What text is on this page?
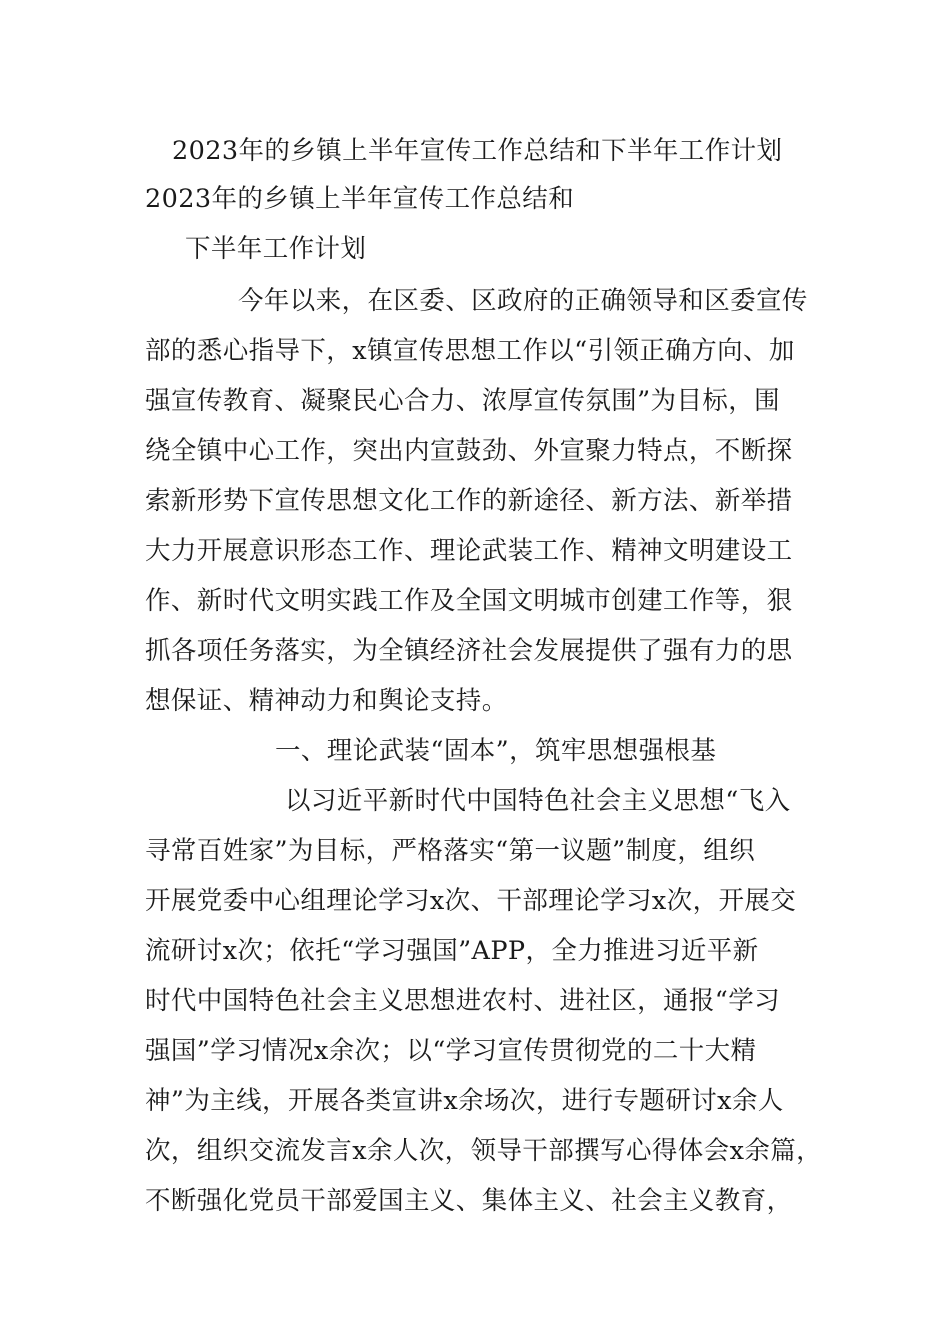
2023年的乡镇上半年宣传工作总结和下半年工作计划
2023年的乡镇上半年宣传工作总结和
下半年工作计划
今年以来，在区委、区政府的正确领导和区委宣传
部的悉心指导下，x镇宣传思想工作以“引领正确方向、加
强宣传教育、凝聚民心合力、浓厚宣传氛围”为目标，围
绕全镇中心工作，突出内宣鼓劲、外宣聚力特点，不断探
索新形势下宣传思想文化工作的新途径、新方法、新举措
大力开展意识形态工作、理论武装工作、精神文明建设工
作、新时代文明实践工作及全国文明城市创建工作等，狠
抓各项任务落实，为全镇经济社会发展提供了强有力的思
想保证、精神动力和舆论支持。
一、理论武装“固本”，筑牢思想强根基
以习近平新时代中国特色社会主义思想“飞入
寻常百姓家”为目标，严格落实“第一议题”制度，组织
开展党委中心组理论学习x次、干部理论学习x次，开展交
流研讨x次；依托“学习强国”APP，全力推进习近平新
时代中国特色社会主义思想进农村、进社区，通报“学习
强国”学习情况x余次；以“学习宣传贯彻党的二十大精
神”为主线，开展各类宣讲x余场次，进行专题研讨x余人
次，组织交流发言x余人次，领导干部撰写心得体会x余篇，
不断强化党员干部爱国主义、集体主义、社会主义教育，
